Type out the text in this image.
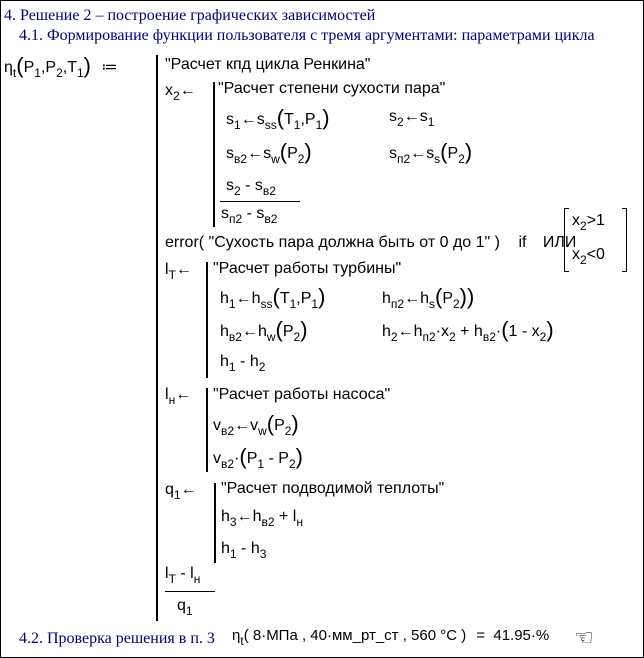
4. Решение 2 – построение графических зависимостей
4.1. Формирование функции пользователя с тремя аргументами: параметрами цикла
$\eta_t(P_1,P_2,T_1)$ ≔	"Расчет кпд цикла Ренкина"
$x_2\leftarrow$ "Расчет степени сухости пара"
$s_1\leftarrow s_{ss}(T_1,P_1)$	$s_2\leftarrow s_1$
$s_{в2}\leftarrow s_w(P_2)$	$s_{п2}\leftarrow s_s(P_2)$
$s_2 - s_{в2}$
$s_{п2} - s_{в2}$
error( "Сухость пара должна быть от 0 до 1" ) if ИЛИ
$x_2>1$
$x_2<0$
$l_T\leftarrow$ "Расчет работы турбины"
$h_1\leftarrow h_{ss}(T_1,P_1)$	$h_{п2}\leftarrow h_s(P_2)$)
$h_{в2}\leftarrow h_w(P_2)$	$h_2\leftarrow h_{п2}\cdot x_2 + h_{в2}\cdot(1 - x_2)$
$h_1 - h_2$
$l_н\leftarrow$ "Расчет работы насоса"
$v_{в2}\leftarrow v_w(P_2)$
$v_{в2}\cdot(P_1 - P_2)$
$q_1\leftarrow$ "Расчет подводимой теплоты"
$h_3\leftarrow h_{в2} + l_н$
$h_1 - h_3$
$l_T - l_н$
$q_1$
4.2. Проверка решения в п. 3 $\eta_t$( 8·МПа , 40·мм_рт_ст , 560 °C ) = 41.95·% ☜
